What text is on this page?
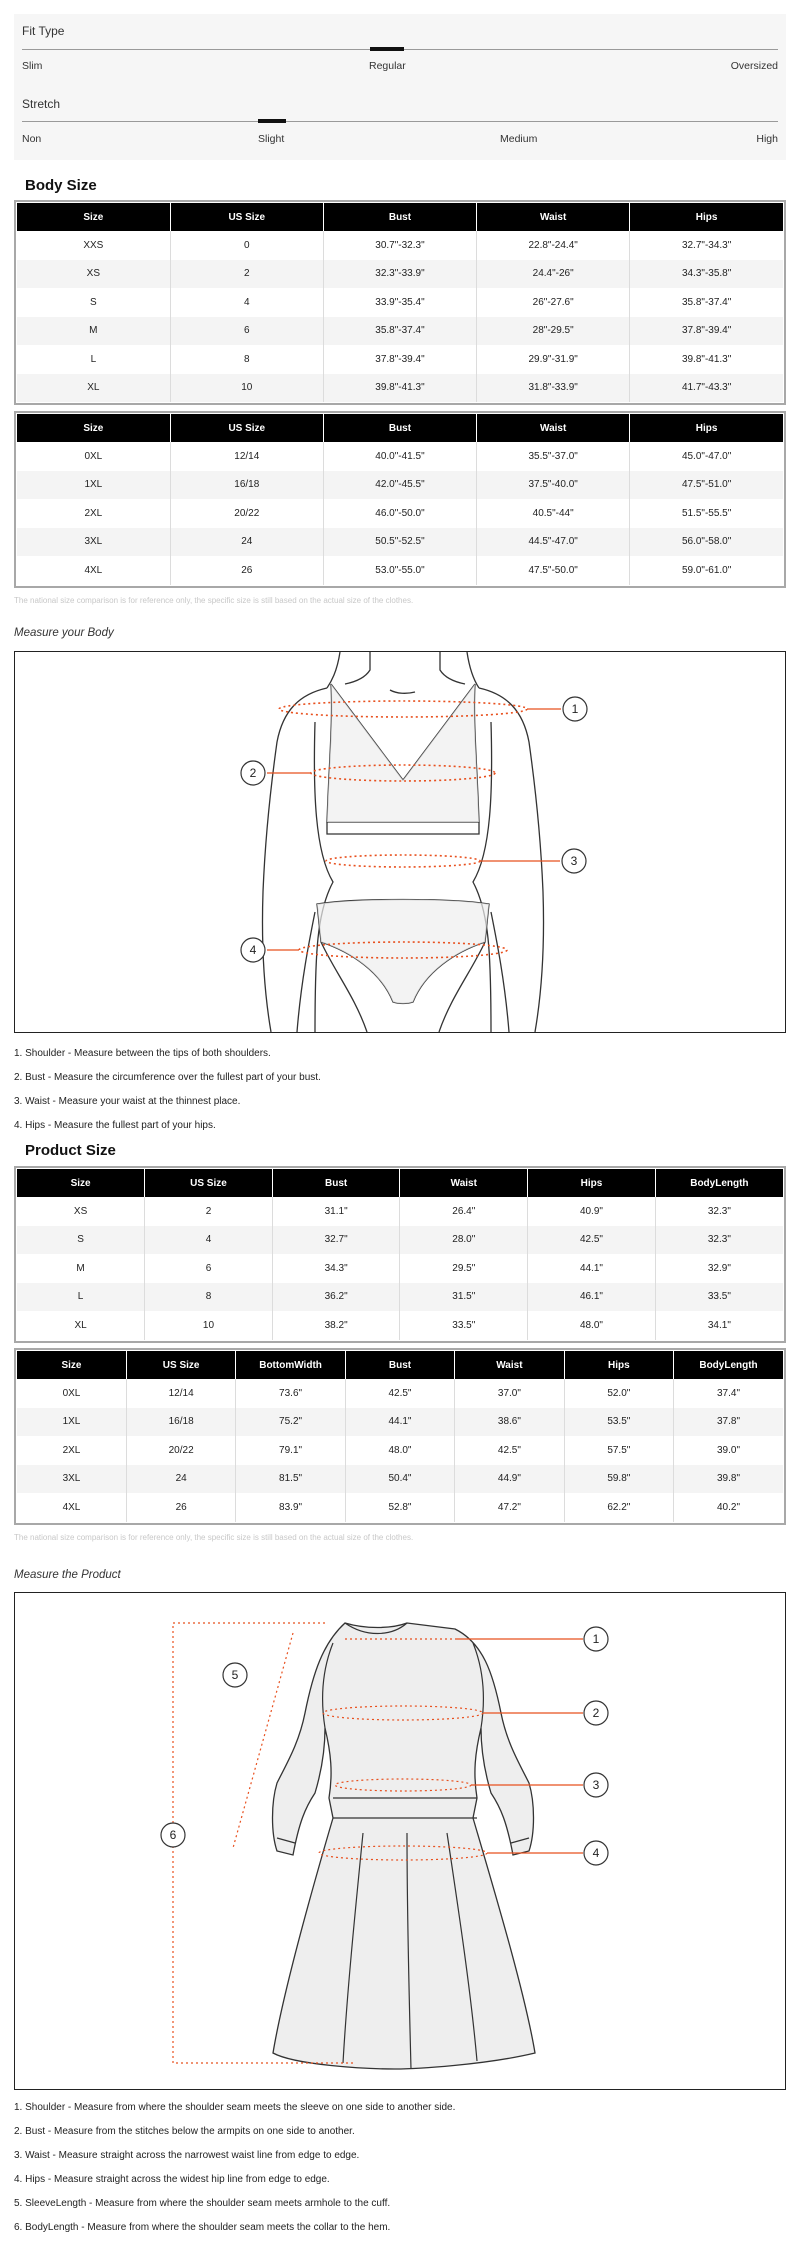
Fit Type
Slim	Regular	Oversized
Stretch
Non	Slight	Medium	High
Body Size
Size	US Size	Bust	Waist	Hips
XXS	0	30.7"-32.3"	22.8"-24.4"	32.7"-34.3"
XS	2	32.3"-33.9"	24.4"-26"	34.3"-35.8"
S	4	33.9"-35.4"	26"-27.6"	35.8"-37.4"
M	6	35.8"-37.4"	28"-29.5"	37.8"-39.4"
L	8	37.8"-39.4"	29.9"-31.9"	39.8"-41.3"
XL	10	39.8"-41.3"	31.8"-33.9"	41.7"-43.3"
Size	US Size	Bust	Waist	Hips
0XL	12/14	40.0"-41.5"	35.5"-37.0"	45.0"-47.0"
1XL	16/18	42.0"-45.5"	37.5"-40.0"	47.5"-51.0"
2XL	20/22	46.0"-50.0"	40.5"-44"	51.5"-55.5"
3XL	24	50.5"-52.5"	44.5"-47.0"	56.0"-58.0"
4XL	26	53.0"-55.0"	47.5"-50.0"	59.0"-61.0"
The national size comparison is for reference only, the specific size is still based on the actual size of the clothes.
Measure your Body
1
2
3
4
1. Shoulder - Measure between the tips of both shoulders.
2. Bust - Measure the circumference over the fullest part of your bust.
3. Waist - Measure your waist at the thinnest place.
4. Hips - Measure the fullest part of your hips.
Product Size
Size	US Size	Bust	Waist	Hips	BodyLength
XS	2	31.1"	26.4"	40.9"	32.3"
S	4	32.7"	28.0"	42.5"	32.3"
M	6	34.3"	29.5"	44.1"	32.9"
L	8	36.2"	31.5"	46.1"	33.5"
XL	10	38.2"	33.5"	48.0"	34.1"
Size	US Size	BottomWidth	Bust	Waist	Hips	BodyLength
0XL	12/14	73.6"	42.5"	37.0"	52.0"	37.4"
1XL	16/18	75.2"	44.1"	38.6"	53.5"	37.8"
2XL	20/22	79.1"	48.0"	42.5"	57.5"	39.0"
3XL	24	81.5"	50.4"	44.9"	59.8"	39.8"
4XL	26	83.9"	52.8"	47.2"	62.2"	40.2"
The national size comparison is for reference only, the specific size is still based on the actual size of the clothes.
Measure the Product
1
2
3
4
5
6
1. Shoulder - Measure from where the shoulder seam meets the sleeve on one side to another side.
2. Bust - Measure from the stitches below the armpits on one side to another.
3. Waist - Measure straight across the narrowest waist line from edge to edge.
4. Hips - Measure straight across the widest hip line from edge to edge.
5. SleeveLength - Measure from where the shoulder seam meets armhole to the cuff.
6. BodyLength - Measure from where the shoulder seam meets the collar to the hem.
